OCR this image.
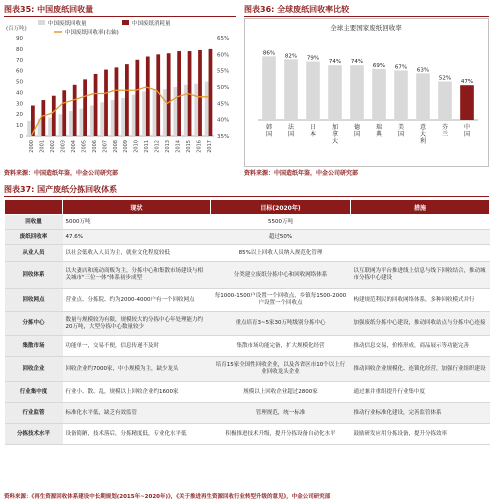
图表35: 中国废纸回收量
(百万吨)
中国废纸回收量	中国废纸消耗量
中国废纸回收率(右轴)
0
10
20
30
40
50
60
70
80
90
35%
40%
45%
50%
55%
60%
65%
2000 2001 2002 2003 2004 2005 2006 2007 2008 2009 2010 2011 2012 2013 2014 2015 2016 2017
资料来源：中国造纸年鉴，中金公司研究部
图表36: 全球废纸回收率比较
全球主要国家废纸回收率
86%
韩
国
82%
法
国
79%
日
本
74%
加
拿
大
74%
德
国
69%
瑞
典
67%
美
国
63%
意
大
利
52%
芬
兰
47%
中
国
资料来源：中国造纸年鉴，中金公司研究部
图表37: 国产废纸分拣回收体系
	现状	目标(2020年)	措施
回收量	5000万吨	5500万吨	
废纸回收率	47.6%	超过50%	
从业人员	以社会低收入人员为主，就业文化程度较低	85%以上回收人员纳入规范化管理	
回收体系	以夫妻店和流动商贩为主，分拣中心和集散市场建设与相关城市"三位一体"体系初步成型	分类建立废纸分拣中心和回收网络体系	以互联网为平台推进线上信息与线下回收结合，推动城市分拣中心建设
回收网点	营业点、分拣院、约为2000-4000户有一个回收网点	每1000-1500户设置一个回收点，乡镇每1500-2000户设置一个回收点	构建规范利民的回收网络体系，多种回收模式并行
分拣中心	数量与规模较为有限，规模较大的分拣中心年处理能力约20万吨，大型分拣中心数量较少	重点培育3~5家30万吨级别分拣中心	加强废纸分拣中心建设，推动回收站点与分拣中心连接
集散市场	功能单一，交易不便，信息传递不及时	集散市场功能完备，扩大规模化经营	推动信息交易，价格形成，商品展示等功能完善
回收企业	回收企业约7000家，中小规模为主，缺少龙头	培育15家全国性回收企业，以及各省区市10个以上行业回收龙头企业	推动回收企业规模化、连锁化经营，加强行业组织建设
行业集中度	行业小、散、乱，规模以上回收企业约1600家	规模以上回收企业超过2800家	通过兼并重组提升行业集中度
行业监管	标准化水平低，缺乏有效监管	管理规范，统一标准	推动行业标准化建设，完善监管体系
分拣技术水平	设备简陋，技术落后，分拣精度低，专业化水平低	积极推进技术升级，提升分拣设备自动化水平	鼓励研发应用分拣设备，提升分拣效率
资料来源：《再生资源回收体系建设中长期规划(2015年~2020年)》，《关于推进再生资源回收行业转型升级的意见》，中金公司研究部
